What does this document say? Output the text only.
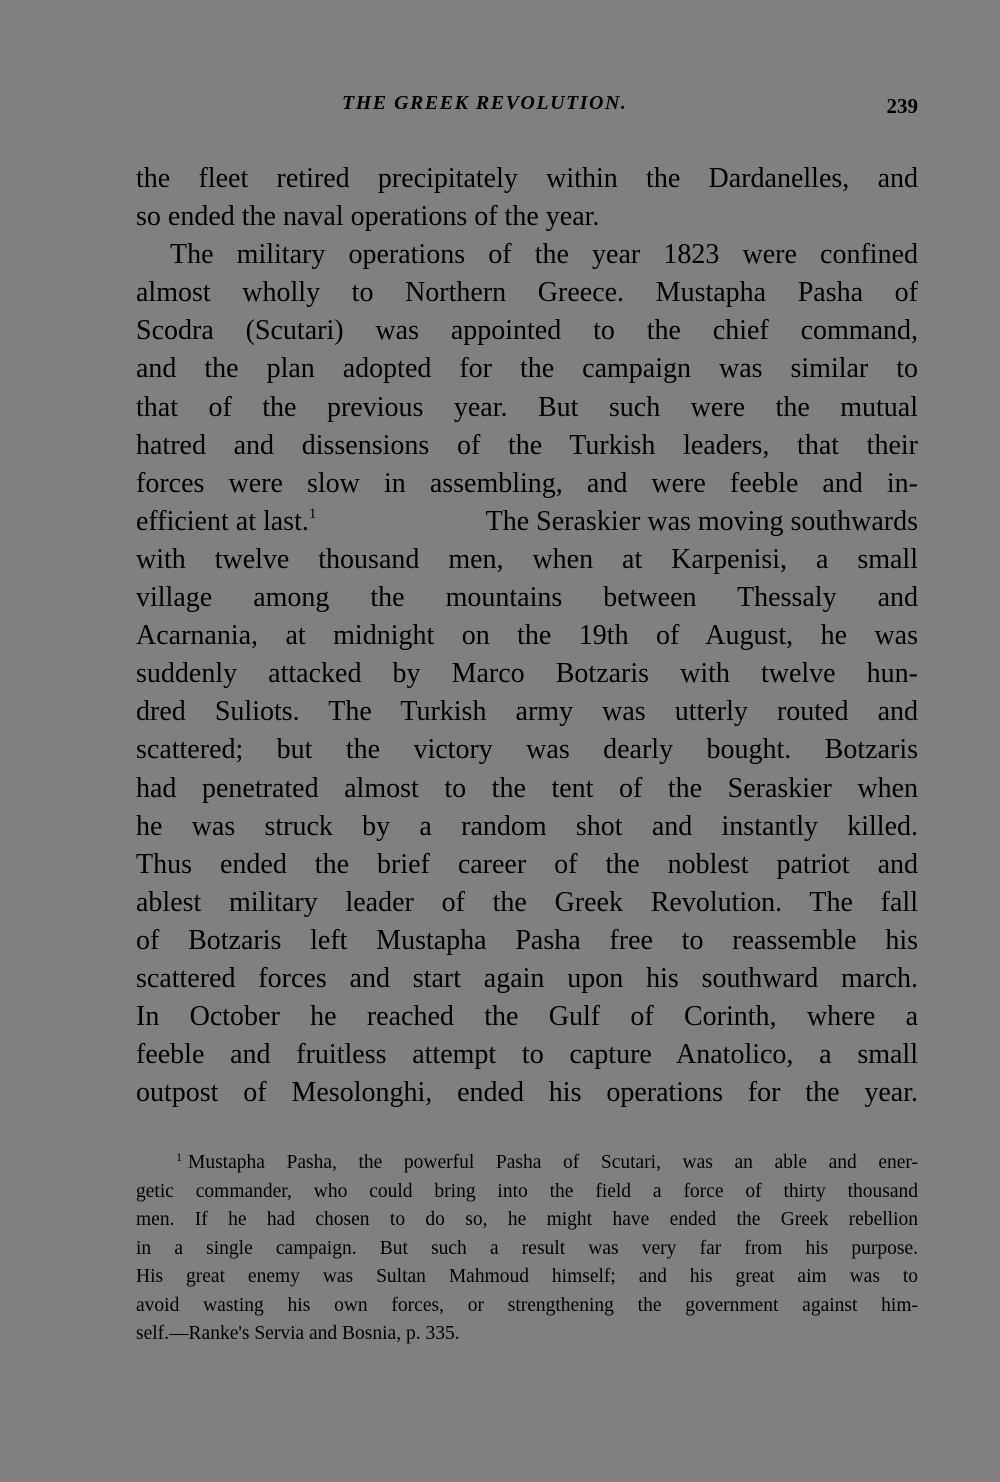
THE GREEK REVOLUTION.	239
the fleet retired precipitately within the Dardanelles, and
so ended the naval operations of the year.
The military operations of the year 1823 were confined
almost wholly to Northern Greece. Mustapha Pasha of
Scodra (Scutari) was appointed to the chief command,
and the plan adopted for the campaign was similar to
that of the previous year. But such were the mutual
hatred and dissensions of the Turkish leaders, that their
forces were slow in assembling, and were feeble and in-
efficient at last.$^1$	The Seraskier was moving southwards
with twelve thousand men, when at Karpenisi, a small
village among the mountains between Thessaly and
Acarnania, at midnight on the 19th of August, he was
suddenly attacked by Marco Botzaris with twelve hun-
dred Suliots. The Turkish army was utterly routed and
scattered; but the victory was dearly bought. Botzaris
had penetrated almost to the tent of the Seraskier when
he was struck by a random shot and instantly killed.
Thus ended the brief career of the noblest patriot and
ablest military leader of the Greek Revolution. The fall
of Botzaris left Mustapha Pasha free to reassemble his
scattered forces and start again upon his southward march.
In October he reached the Gulf of Corinth, where a
feeble and fruitless attempt to capture Anatolico, a small
outpost of Mesolonghi, ended his operations for the year.
$^1$ Mustapha Pasha, the powerful Pasha of Scutari, was an able and ener-
getic commander, who could bring into the field a force of thirty thousand
men. If he had chosen to do so, he might have ended the Greek rebellion
in a single campaign. But such a result was very far from his purpose.
His great enemy was Sultan Mahmoud himself; and his great aim was to
avoid wasting his own forces, or strengthening the government against him-
self.—Ranke's Servia and Bosnia, p. 335.
